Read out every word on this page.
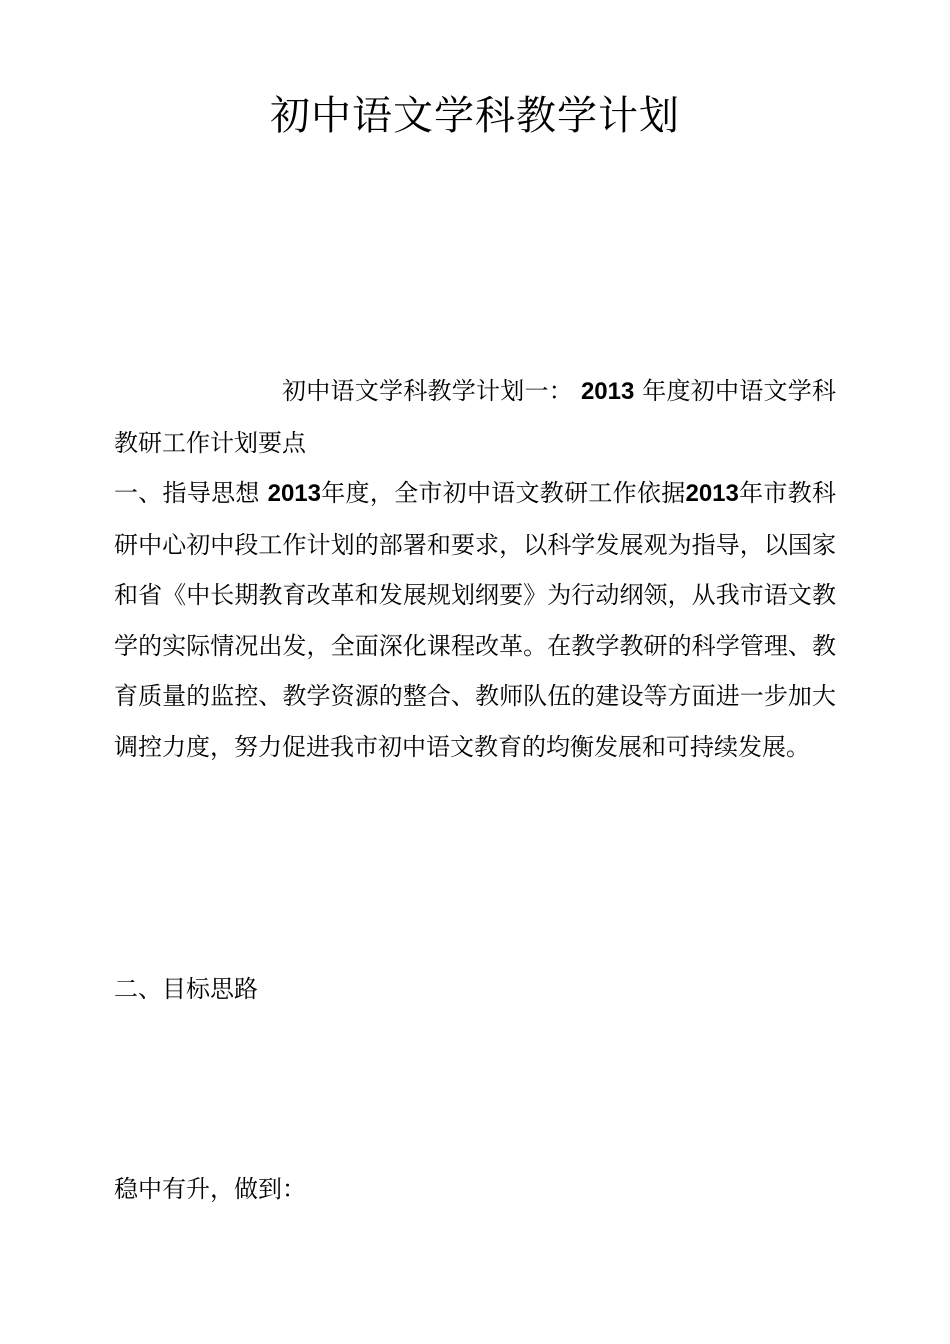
初中语文学科教学计划

初中语文学科教学计划一： 2013 年度初中语文学科教研工作计划要点

一、指导思想 2013年度，全市初中语文教研工作依据2013年市教科研中心初中段工作计划的部署和要求，以科学发展观为指导，以国家和省《中长期教育改革和发展规划纲要》为行动纲领，从我市语文教学的实际情况出发，全面深化课程改革。在教学教研的科学管理、教育质量的监控、教学资源的整合、教师队伍的建设等方面进一步加大调控力度，努力促进我市初中语文教育的均衡发展和可持续发展。

二、目标思路
稳中有升，做到：
